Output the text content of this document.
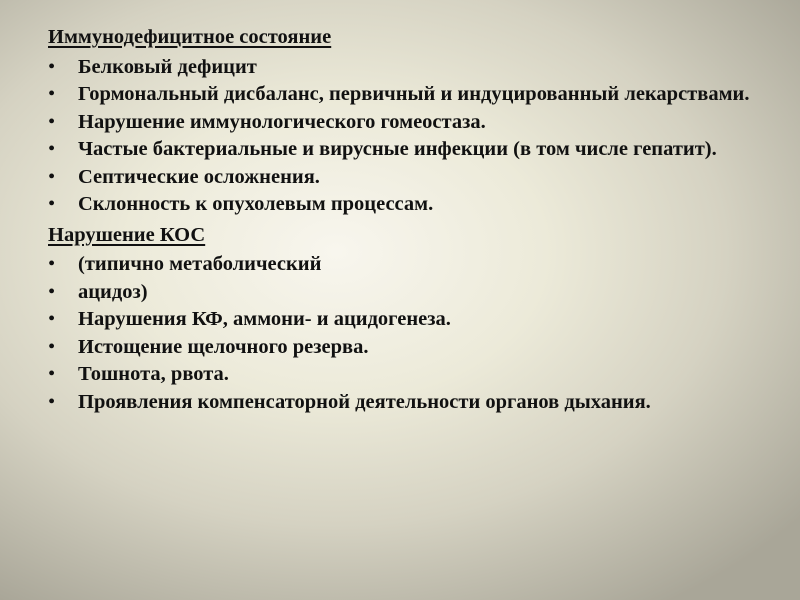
Иммунодефицитное состояние
• Белковый дефицит
• Гормональный дисбаланс, первичный и индуцированный лекарствами.
• Нарушение иммунологического гомеостаза.
• Частые бактериальные и вирусные инфекции (в том числе гепатит).
• Септические осложнения.
• Склонность к опухолевым процессам.
Нарушение КОС
• (типично метаболический
• ацидоз)
• Нарушения КФ, аммони- и ацидогенеза.
• Истощение щелочного резерва.
• Тошнота, рвота.
• Проявления компенсаторной деятельности органов дыхания.
